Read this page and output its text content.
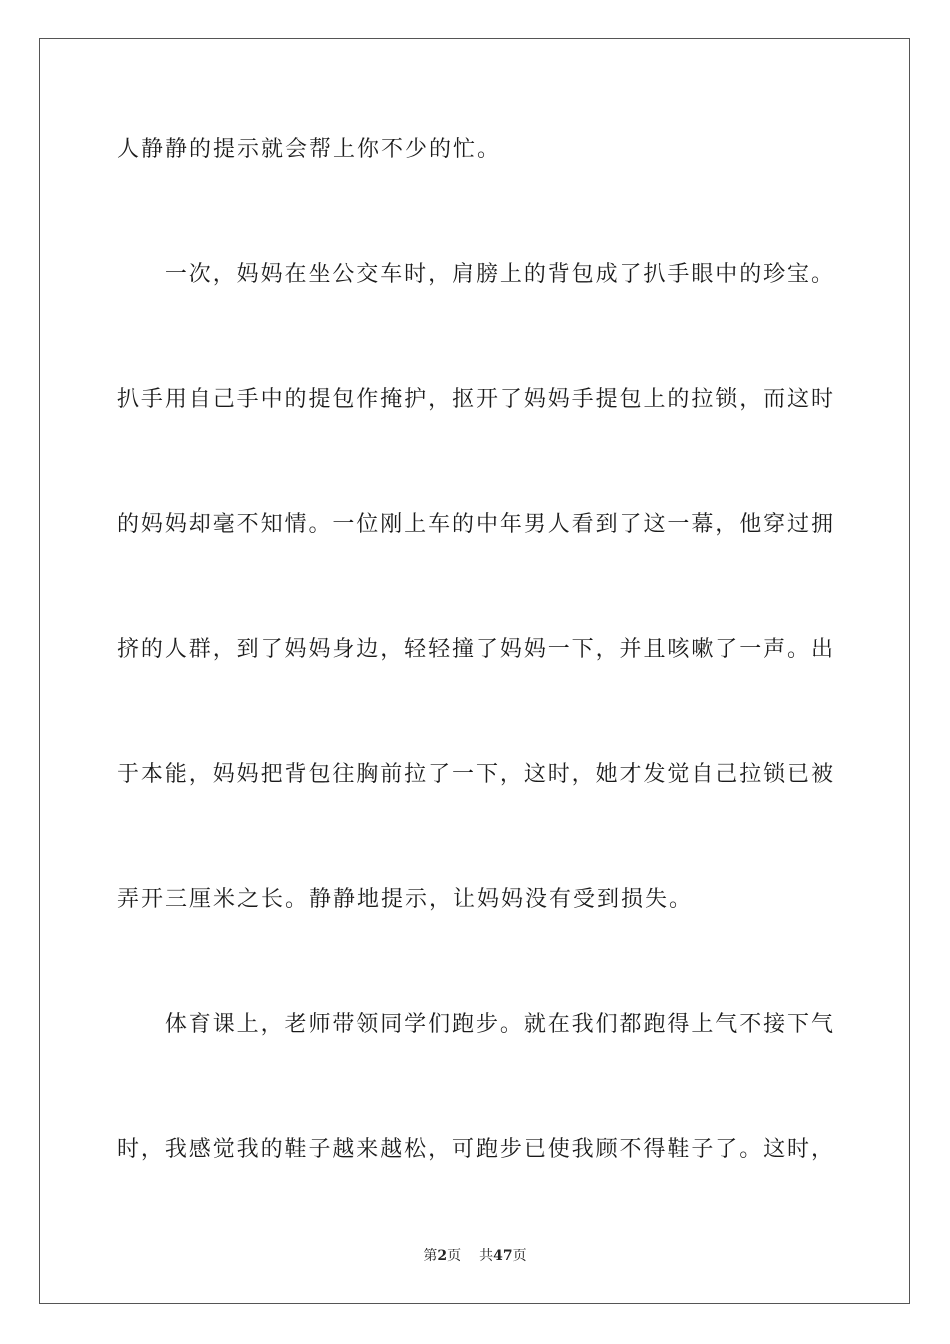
人静静的提示就会帮上你不少的忙。
　　一次，妈妈在坐公交车时，肩膀上的背包成了扒手眼中的珍宝。
扒手用自己手中的提包作掩护，抠开了妈妈手提包上的拉锁，而这时
的妈妈却毫不知情。一位刚上车的中年男人看到了这一幕，他穿过拥
挤的人群，到了妈妈身边，轻轻撞了妈妈一下，并且咳嗽了一声。出
于本能，妈妈把背包往胸前拉了一下，这时，她才发觉自己拉锁已被
弄开三厘米之长。静静地提示，让妈妈没有受到损失。
　　体育课上，老师带领同学们跑步。就在我们都跑得上气不接下气
时，我感觉我的鞋子越来越松，可跑步已使我顾不得鞋子了。这时，
第2页 共47页
